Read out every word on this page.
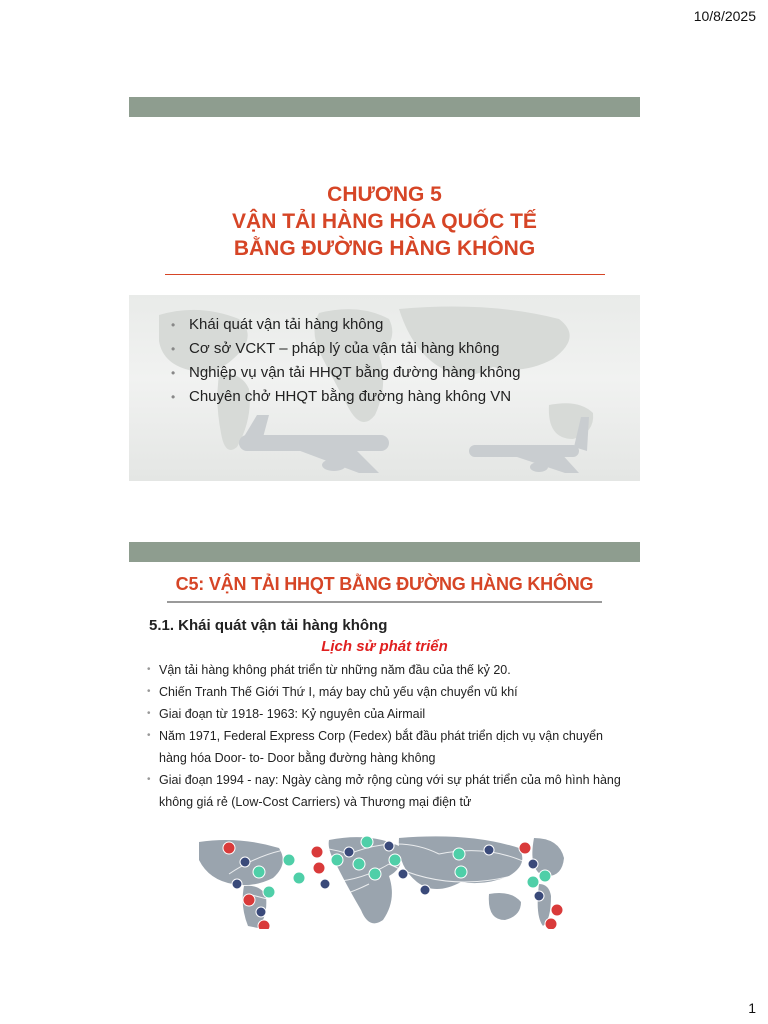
10/8/2025
CHƯƠNG 5
VẬN TẢI HÀNG HÓA QUỐC TẾ
BẰNG ĐƯỜNG HÀNG KHÔNG
• Khái quát vận tải hàng không
• Cơ sở VCKT – pháp lý của vận tải hàng không
• Nghiệp vụ vận tải HHQT bằng đường hàng không
• Chuyên chở HHQT bằng đường hàng không VN
C5: VẬN TẢI HHQT BẰNG ĐƯỜNG HÀNG KHÔNG
5.1. Khái quát vận tải hàng không
Lịch sử phát triển
• Vận tải hàng không phát triển từ những năm đầu của thế kỷ 20.
• Chiến Tranh Thế Giới Thứ I, máy bay chủ yếu vận chuyển vũ khí
• Giai đoạn từ 1918- 1963: Kỷ nguyên của Airmail
• Năm 1971, Federal Express Corp (Fedex) bắt đầu phát triển dịch vụ vận chuyển hàng hóa Door- to- Door bằng đường hàng không
• Giai đoạn 1994 - nay: Ngày càng mở rộng cùng với sự phát triển của mô hình hàng không giá rẻ (Low-Cost Carriers) và Thương mại điện tử
1
